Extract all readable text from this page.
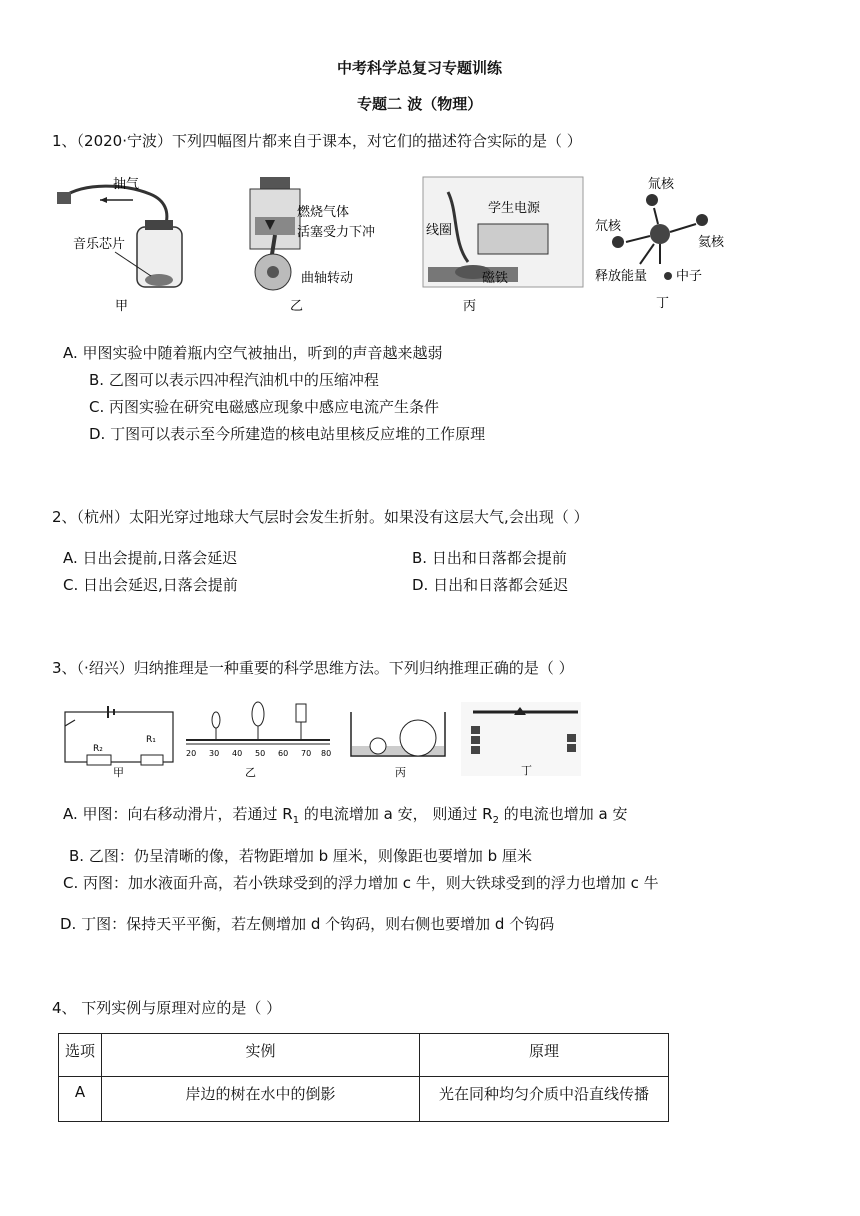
中考科学总复习专题训练
专题二 波（物理）
1、（2020·宁波）下列四幅图片都来自于课本，对它们的描述符合实际的是（ ）
抽气
音乐芯片
甲
燃烧气体
活塞受力下冲
曲轴转动
乙
学生电源
线圈
磁铁
丙
氚核
氘核
氦核
释放能量 中子
丁
A. 甲图实验中随着瓶内空气被抽出，听到的声音越来越弱
B. 乙图可以表示四冲程汽油机中的压缩冲程
C. 丙图实验在研究电磁感应现象中感应电流产生条件
D. 丁图可以表示至今所建造的核电站里核反应堆的工作原理
2、（杭州）太阳光穿过地球大气层时会发生折射。如果没有这层大气,会出现（ ）
A. 日出会提前,日落会延迟	B. 日出和日落都会提前
C. 日出会延迟,日落会提前	D. 日出和日落都会延迟
3、（·绍兴）归纳推理是一种重要的科学思维方法。下列归纳推理正确的是（ ）
R₂
R₁
甲
20 30 40 50 60 70 80
乙	丙	丁
A. 甲图：向右移动滑片，若通过 $R_1$ 的电流增加 a 安， 则通过 $R_2$ 的电流也增加 a 安
B. 乙图：仍呈清晰的像，若物距增加 b 厘米，则像距也要增加 b 厘米
C. 丙图：加水液面升高，若小铁球受到的浮力增加 c 牛，则大铁球受到的浮力也增加 c 牛
D. 丁图：保持天平平衡，若左侧增加 d 个钩码，则右侧也要增加 d 个钩码
4、 下列实例与原理对应的是（ ）
选项	实例	原理
A	岸边的树在水中的倒影	光在同种均匀介质中沿直线传播
